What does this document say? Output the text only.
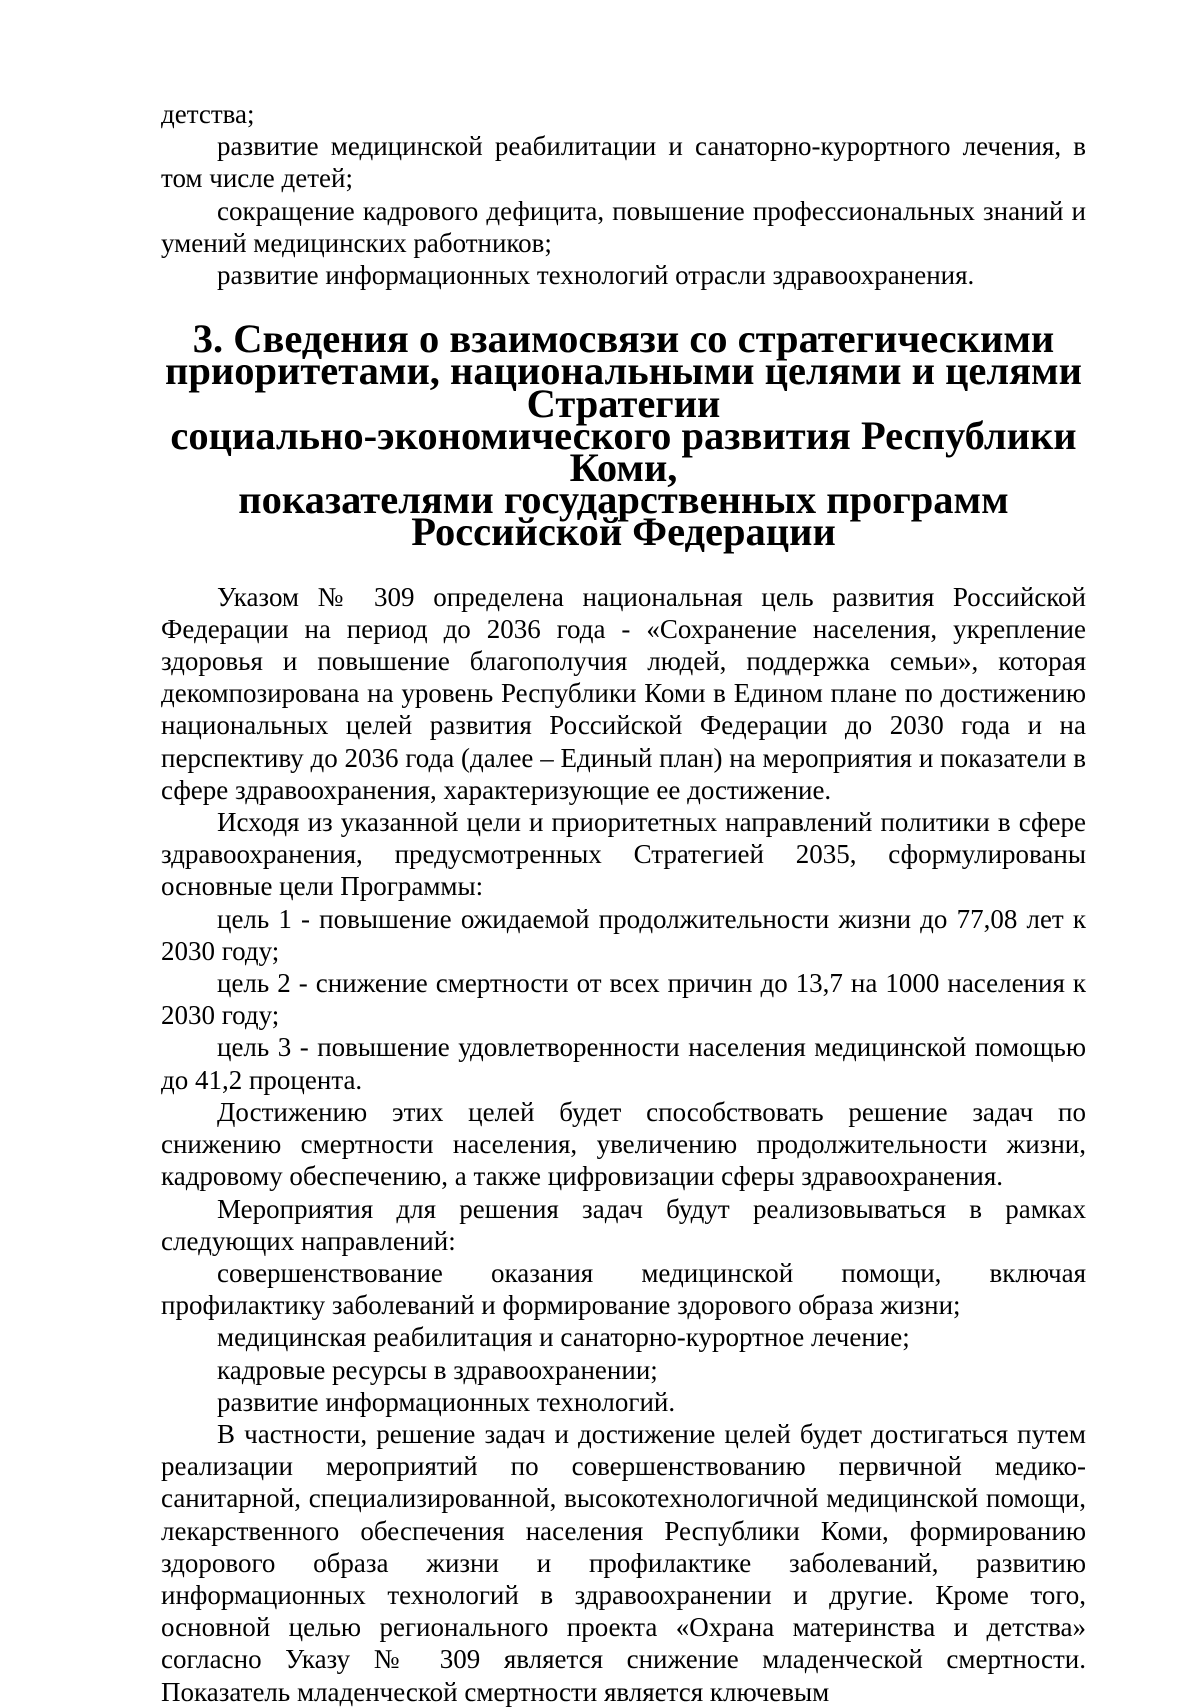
детства;

развитие медицинской реабилитации и санаторно-курортного лечения, в том числе детей;

сокращение кадрового дефицита, повышение профессиональных знаний и умений медицинских работников;

развитие информационных технологий отрасли здравоохранения.

3. Сведения о взаимосвязи со стратегическими
приоритетами, национальными целями и целями Стратегии
социально-экономического развития Республики Коми,
показателями государственных программ Российской Федерации

Указом № 309 определена национальная цель развития Российской Федерации на период до 2036 года - «Сохранение населения, укрепление здоровья и повышение благополучия людей, поддержка семьи», которая декомпозирована на уровень Республики Коми в Едином плане по достижению национальных целей развития Российской Федерации до 2030 года и на перспективу до 2036 года (далее – Единый план) на мероприятия и показатели в сфере здравоохранения, характеризующие ее достижение.

Исходя из указанной цели и приоритетных направлений политики в сфере здравоохранения, предусмотренных Стратегией 2035, сформулированы основные цели Программы:

цель 1 - повышение ожидаемой продолжительности жизни до 77,08 лет к 2030 году;

цель 2 - снижение смертности от всех причин до 13,7 на 1000 населения к 2030 году;

цель 3 - повышение удовлетворенности населения медицинской помощью до 41,2 процента.

Достижению этих целей будет способствовать решение задач по снижению смертности населения, увеличению продолжительности жизни, кадровому обеспечению, а также цифровизации сферы здравоохранения.

Мероприятия для решения задач будут реализовываться в рамках следующих направлений:

совершенствование оказания медицинской помощи, включая профилактику заболеваний и формирование здорового образа жизни;

медицинская реабилитация и санаторно-курортное лечение;

кадровые ресурсы в здравоохранении;

развитие информационных технологий.

В частности, решение задач и достижение целей будет достигаться путем реализации мероприятий по совершенствованию первичной медико-санитарной, специализированной, высокотехнологичной медицинской помощи, лекарственного обеспечения населения Республики Коми, формированию здорового образа жизни и профилактике заболеваний, развитию информационных технологий в здравоохранении и другие. Кроме того, основной целью регионального проекта «Охрана материнства и детства» согласно Указу № 309 является снижение младенческой смертности. Показатель младенческой смертности является ключевым
